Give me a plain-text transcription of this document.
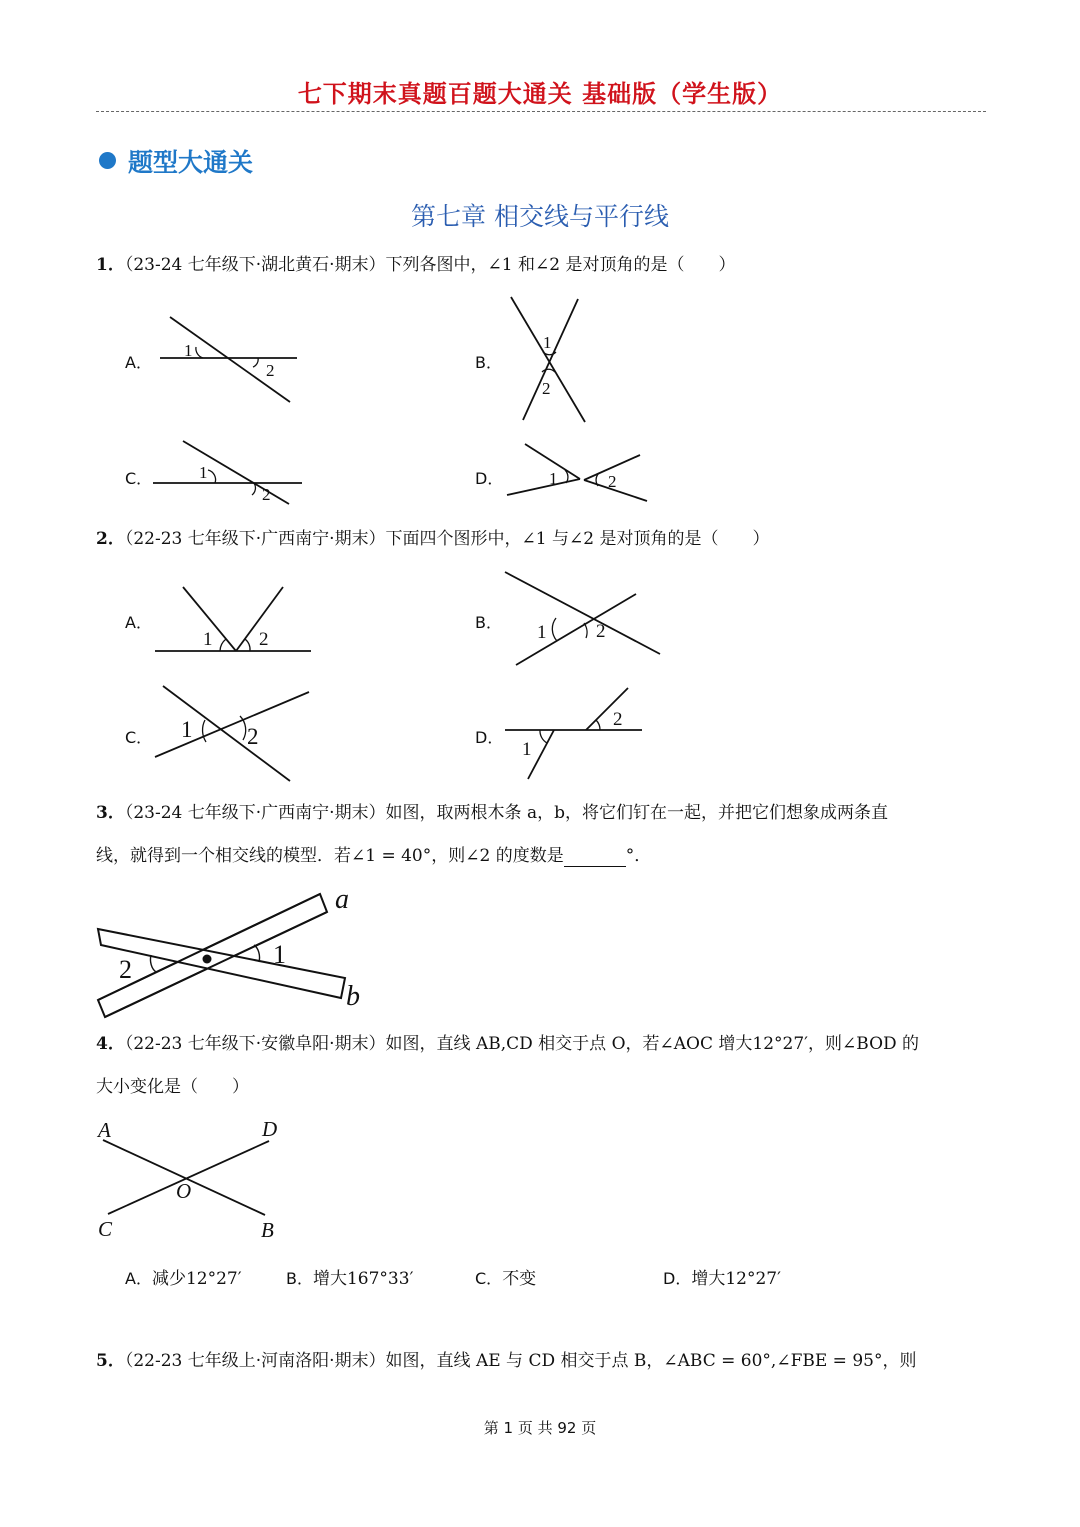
七下期末真题百题大通关 基础版（学生版）
题型大通关
第七章 相交线与平行线
1．（23-24 七年级下·湖北黄石·期末）下列各图中，∠1 和∠2 是对顶角的是（　　）
A．
1
2	B．
1
2
C．	1
2
D．	1	2
2．（22-23 七年级下·广西南宁·期末）下面四个图形中，∠1 与∠2 是对顶角的是（　　）
A．
1 2
B． 1	2
C． 1 2	D．
1
2
3．（23-24 七年级下·广西南宁·期末）如图，取两根木条 a，b，将它们钉在一起，并把它们想象成两条直
线，就得到一个相交线的模型．若∠1 = 40°，则∠2 的度数是	°．
2
1
a
b
4．（22-23 七年级下·安徽阜阳·期末）如图，直线 AB,CD 相交于点 O，若∠AOC 增大12°27′，则∠BOD 的
大小变化是（　　）
A	D
O
C	B
A．减少12°27′	B．增大167°33′	C．不变	D．增大12°27′
5．（22-23 七年级上·河南洛阳·期末）如图，直线 AE 与 CD 相交于点 B，∠ABC = 60°,∠FBE = 95°，则
第 1 页 共 92 页
